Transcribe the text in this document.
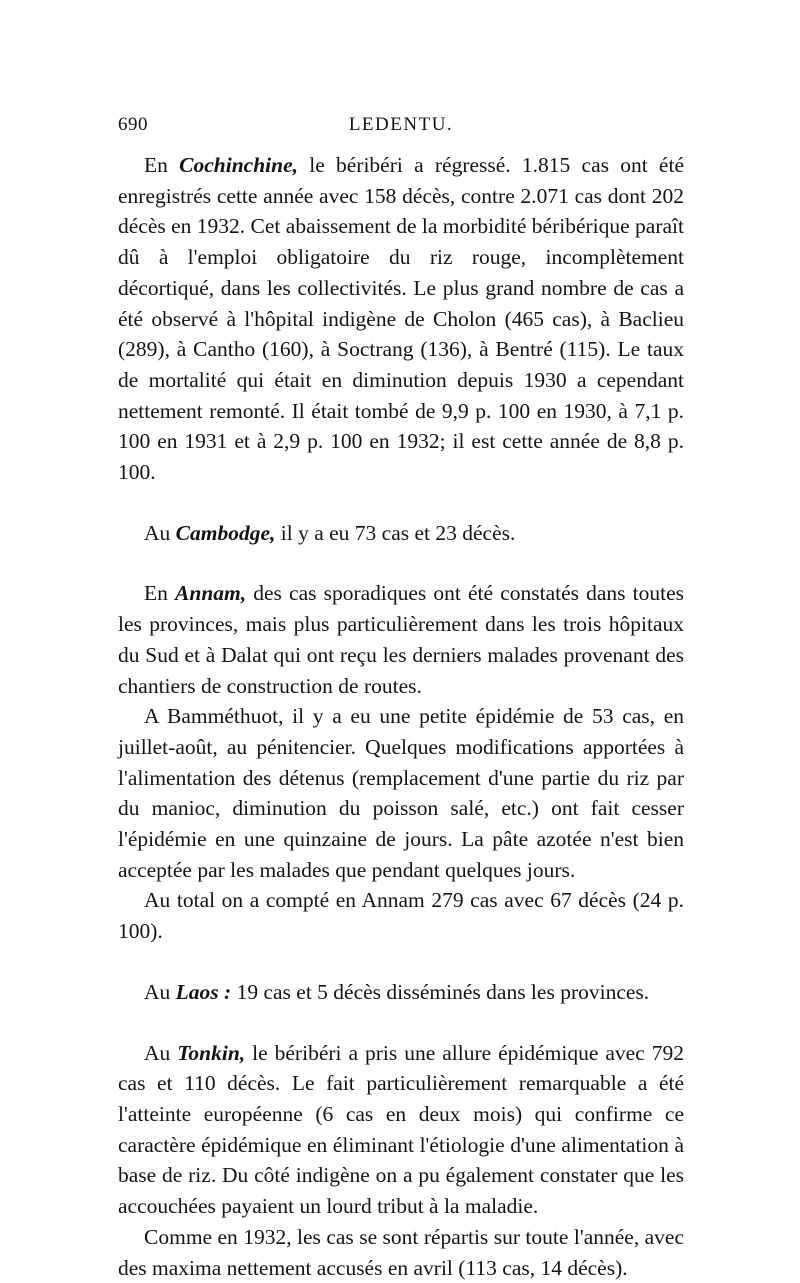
690	LEDENTU.

En Cochinchine, le béribéri a régressé. 1.815 cas ont été enregistrés cette année avec 158 décès, contre 2.071 cas dont 202 décès en 1932. Cet abaissement de la morbidité béribérique paraît dû à l'emploi obligatoire du riz rouge, incomplètement décortiqué, dans les collectivités. Le plus grand nombre de cas a été observé à l'hôpital indigène de Cholon (465 cas), à Baclieu (289), à Cantho (160), à Soctrang (136), à Bentré (115). Le taux de mortalité qui était en diminution depuis 1930 a cependant nettement remonté. Il était tombé de 9,9 p. 100 en 1930, à 7,1 p. 100 en 1931 et à 2,9 p. 100 en 1932; il est cette année de 8,8 p. 100.

Au Cambodge, il y a eu 73 cas et 23 décès.

En Annam, des cas sporadiques ont été constatés dans toutes les provinces, mais plus particulièrement dans les trois hôpitaux du Sud et à Dalat qui ont reçu les derniers malades provenant des chantiers de construction de routes.

A Bamméthuot, il y a eu une petite épidémie de 53 cas, en juillet-août, au pénitencier. Quelques modifications apportées à l'alimentation des détenus (remplacement d'une partie du riz par du manioc, diminution du poisson salé, etc.) ont fait cesser l'épidémie en une quinzaine de jours. La pâte azotée n'est bien acceptée par les malades que pendant quelques jours.

Au total on a compté en Annam 279 cas avec 67 décès (24 p. 100).

Au Laos : 19 cas et 5 décès disséminés dans les provinces.

Au Tonkin, le béribéri a pris une allure épidémique avec 792 cas et 110 décès. Le fait particulièrement remarquable a été l'atteinte européenne (6 cas en deux mois) qui confirme ce caractère épidémique en éliminant l'étiologie d'une alimentation à base de riz. Du côté indigène on a pu également constater que les accouchées payaient un lourd tribut à la maladie.

Comme en 1932, les cas se sont répartis sur toute l'année, avec des maxima nettement accusés en avril (113 cas, 14 décès).
